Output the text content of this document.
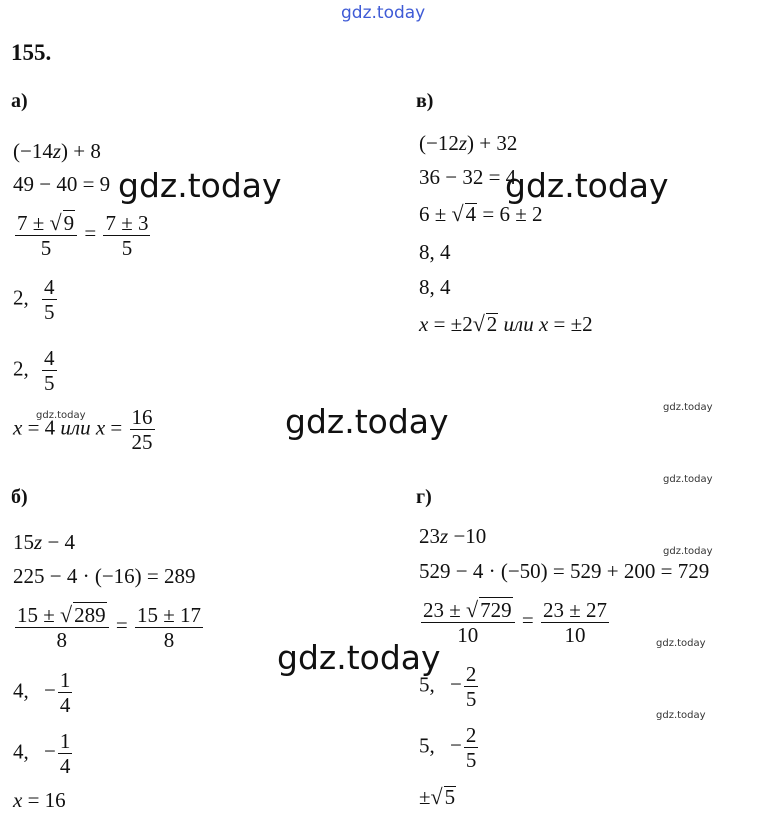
gdz.today
155.
а)
(−14z) + 8
49 − 40 = 9
$\frac{7 \pm √9}{5} = \frac{7 \pm 3}{5}$
2, $\frac{4}{5}$
2, $\frac{4}{5}$
x = 4 или $x = \frac{16}{25}$
в)
(−12z) + 32
36 − 32 = 4
6 ± √4 = 6 ± 2
8, 4
8, 4
x = ±2√2 или x = ±2
б)
15z − 4
225 − 4 · (−16) = 289
$\frac{15 \pm √289}{8} = \frac{15 \pm 17}{8}$
4, − $\frac{1}{4}$
4, − $\frac{1}{4}$
x = 16
г)
23z −10
529 − 4 · (−50) = 529 + 200 = 729
$\frac{23 \pm √729}{10} = \frac{23 \pm 27}{10}$
5, − $\frac{2}{5}$
5, − $\frac{2}{5}$
±√5
gdz.today	gdz.today
gdz.today
gdz.today
gdz.today
gdz.today
gdz.today
gdz.today
gdz.today
gdz.today
